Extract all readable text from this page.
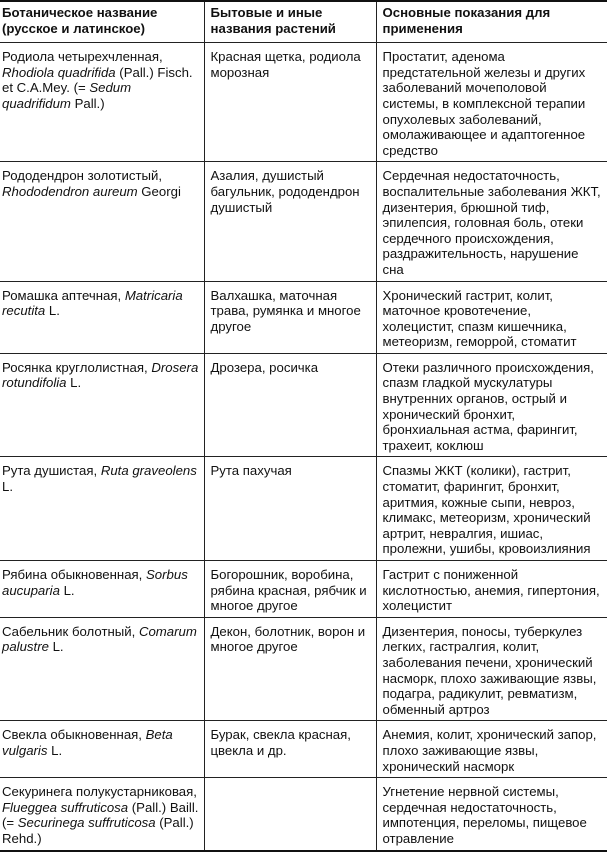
Ботаническое название (русское и латинское)	Бытовые и иные названия растений	Основные показания для применения
Родиола четырехчленная, Rhodiola quadrifida (Pall.) Fisch. et C.A.Mey. (= Sedum quadrifidum Pall.)	Красная щетка, родиола морозная	Простатит, аденома предстательной железы и других заболеваний мочеполовой системы, в комплексной терапии опухолевых заболеваний, омолаживающее и адаптогенное средство
Рододендрон золотистый, Rhododendron aureum Georgi	Азалия, душистый багульник, рододендрон душистый	Сердечная недостаточность, воспалительные заболевания ЖКТ, дизентерия, брюшной тиф, эпилепсия, головная боль, отеки сердечного происхождения, раздражительность, нарушение сна
Ромашка аптечная, Matricaria recutita L.	Валхашка, маточная трава, румянка и многое другое	Хронический гастрит, колит, маточное кровотечение, холецистит, спазм кишечника, метеоризм, геморрой, стоматит
Росянка круглолистная, Drosera rotundifolia L.	Дрозера, росичка	Отеки различного происхождения, спазм гладкой мускулатуры внутренних органов, острый и хронический бронхит, бронхиальная астма, фарингит, трахеит, коклюш
Рута душистая, Ruta graveolens L.	Рута пахучая	Спазмы ЖКТ (колики), гастрит, стоматит, фарингит, бронхит, аритмия, кожные сыпи, невроз, климакс, метеоризм, хронический артрит, невралгия, ишиас, пролежни, ушибы, кровоизлияния
Рябина обыкновенная, Sorbus aucuparia L.	Богорошник, воробина, рябина красная, рябчик и многое другое	Гастрит с пониженной кислотностью, анемия, гипертония, холецистит
Сабельник болотный, Comarum palustre L.	Декон, болотник, ворон и многое другое	Дизентерия, поносы, туберкулез легких, гастралгия, колит, заболевания печени, хронический насморк, плохо заживающие язвы, подагра, радикулит, ревматизм, обменный артроз
Свекла обыкновенная, Beta vulgaris L.	Бурак, свекла красная, цвекла и др.	Анемия, колит, хронический запор, плохо заживающие язвы, хронический насморк
Секуринега полукустарниковая, Flueggea suffruticosa (Pall.) Baill. (= Securinega suffruticosa (Pall.) Rehd.)		Угнетение нервной системы, сердечная недостаточность, импотенция, переломы, пищевое отравление
